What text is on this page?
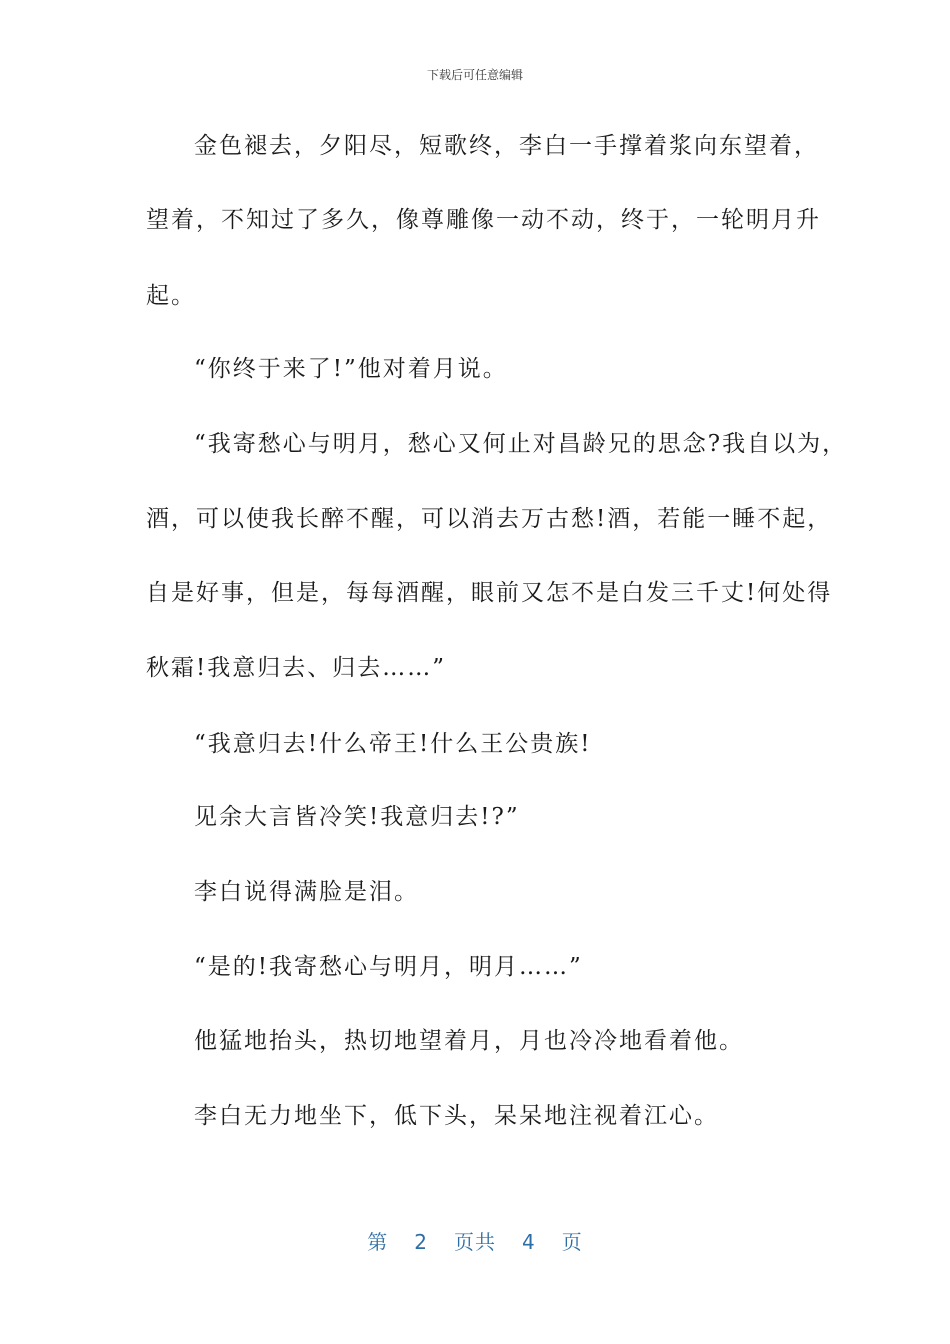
下载后可任意编辑
金色褪去，夕阳尽，短歌终，李白一手撑着浆向东望着，
望着，不知过了多久，像尊雕像一动不动，终于，一轮明月升
起。
“你终于来了!”他对着月说。
“我寄愁心与明月，愁心又何止对昌龄兄的思念?我自以为，
酒，可以使我长醉不醒，可以消去万古愁!酒，若能一睡不起，
自是好事，但是，每每酒醒，眼前又怎不是白发三千丈!何处得
秋霜!我意归去、归去……”
“我意归去!什么帝王!什么王公贵族!
见余大言皆冷笑!我意归去!?”
李白说得满脸是泪。
“是的!我寄愁心与明月，明月……”
他猛地抬头，热切地望着月，月也冷冷地看着他。
李白无力地坐下，低下头，呆呆地注视着江心。
第 2 页共 4 页
